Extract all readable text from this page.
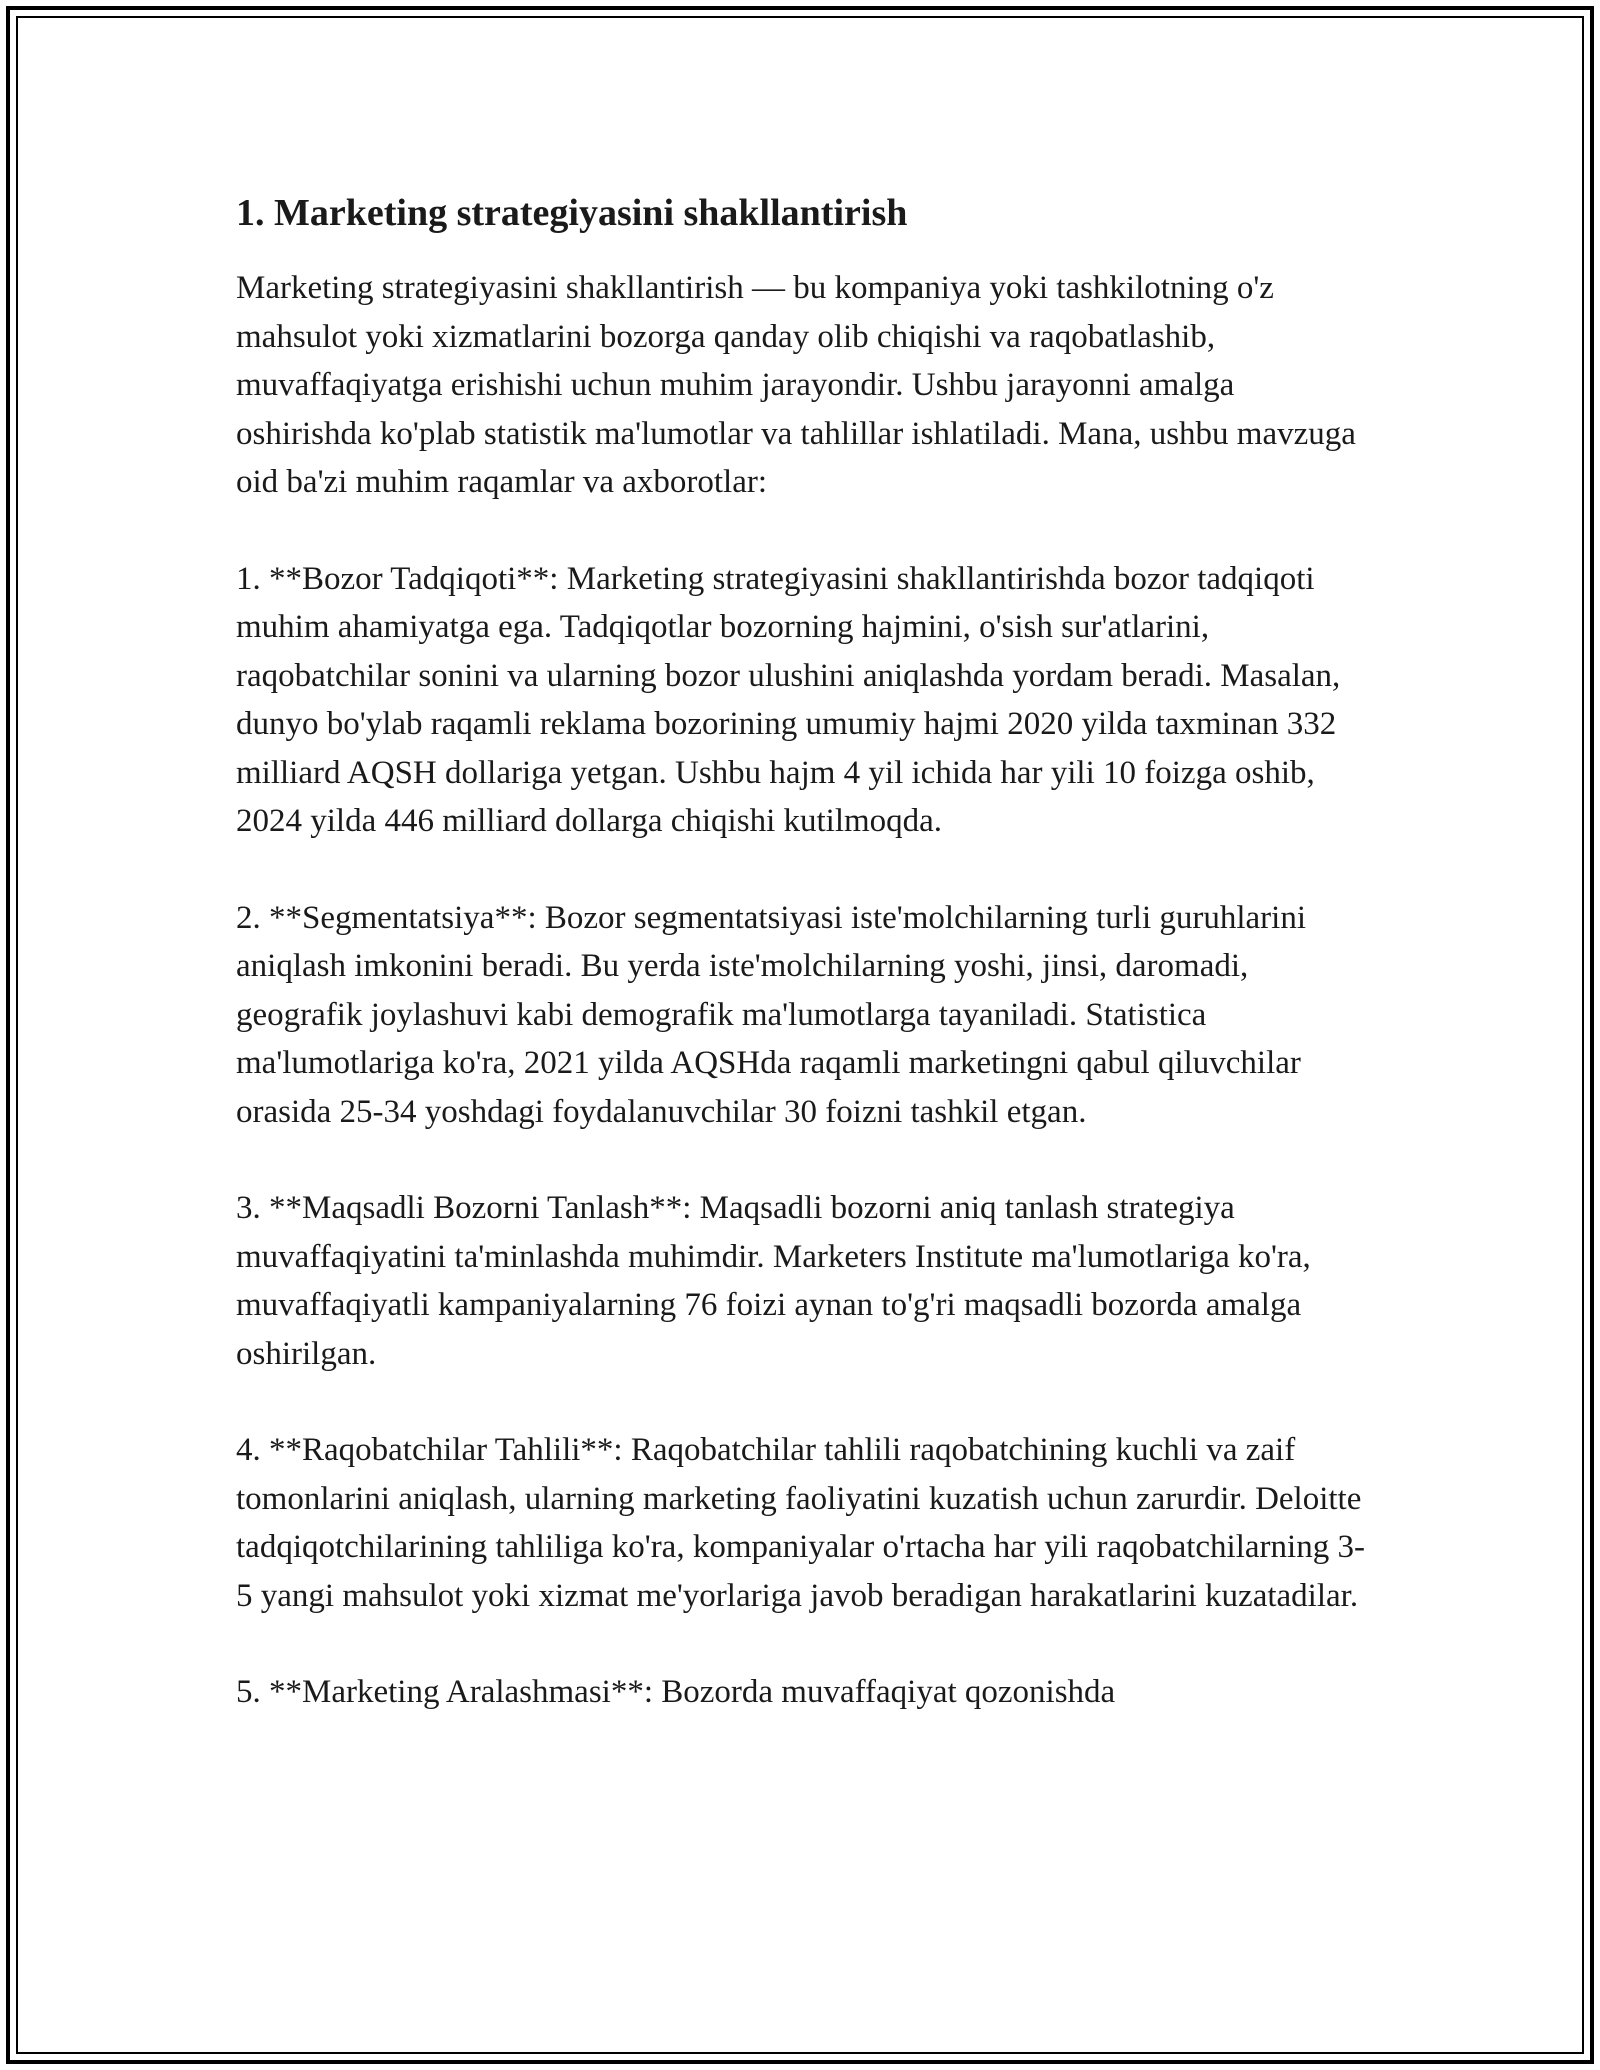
1. Marketing strategiyasini shakllantirish

Marketing strategiyasini shakllantirish — bu kompaniya yoki tashkilotning o'z mahsulot yoki xizmatlarini bozorga qanday olib chiqishi va raqobatlashib, muvaffaqiyatga erishishi uchun muhim jarayondir. Ushbu jarayonni amalga oshirishda ko'plab statistik ma'lumotlar va tahlillar ishlatiladi. Mana, ushbu mavzuga oid ba'zi muhim raqamlar va axborotlar:

1. **Bozor Tadqiqoti**: Marketing strategiyasini shakllantirishda bozor tadqiqoti muhim ahamiyatga ega. Tadqiqotlar bozorning hajmini, o'sish sur'atlarini, raqobatchilar sonini va ularning bozor ulushini aniqlashda yordam beradi. Masalan, dunyo bo'ylab raqamli reklama bozorining umumiy hajmi 2020 yilda taxminan 332 milliard AQSH dollariga yetgan. Ushbu hajm 4 yil ichida har yili 10 foizga oshib, 2024 yilda 446 milliard dollarga chiqishi kutilmoqda.

2. **Segmentatsiya**: Bozor segmentatsiyasi iste'molchilarning turli guruhlarini aniqlash imkonini beradi. Bu yerda iste'molchilarning yoshi, jinsi, daromadi, geografik joylashuvi kabi demografik ma'lumotlarga tayaniladi. Statistica ma'lumotlariga ko'ra, 2021 yilda AQSHda raqamli marketingni qabul qiluvchilar orasida 25-34 yoshdagi foydalanuvchilar 30 foizni tashkil etgan.

3. **Maqsadli Bozorni Tanlash**: Maqsadli bozorni aniq tanlash strategiya muvaffaqiyatini ta'minlashda muhimdir. Marketers Institute ma'lumotlariga ko'ra, muvaffaqiyatli kampaniyalarning 76 foizi aynan to'g'ri maqsadli bozorda amalga oshirilgan.

4. **Raqobatchilar Tahlili**: Raqobatchilar tahlili raqobatchining kuchli va zaif tomonlarini aniqlash, ularning marketing faoliyatini kuzatish uchun zarurdir. Deloitte tadqiqotchilarining tahliliga ko'ra, kompaniyalar o'rtacha har yili raqobatchilarning 3-5 yangi mahsulot yoki xizmat me'yorlariga javob beradigan harakatlarini kuzatadilar.

5. **Marketing Aralashmasi**: Bozorda muvaffaqiyat qozonishda
